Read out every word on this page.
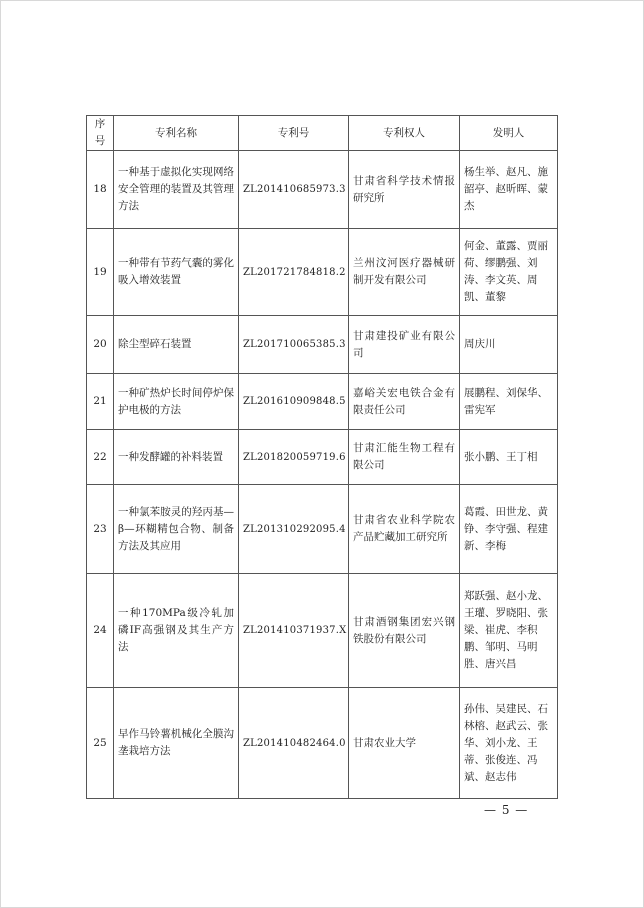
序号	专利名称	专利号	专利权人	发明人
18	一种基于虚拟化实现网络安全管理的装置及其管理方法	ZL201410685973.3	甘肃省科学技术情报研究所	杨生举、赵凡、施韶亭、赵昕晖、蒙杰
19	一种带有节药气囊的雾化吸入增效装置	ZL201721784818.2	兰州汶河医疗器械研制开发有限公司	何金、董露、贾丽荷、缪鹏强、刘涛、李文英、周凯、董黎
20	除尘型碎石装置	ZL201710065385.3	甘肃建投矿业有限公司	周庆川
21	一种矿热炉长时间停炉保护电极的方法	ZL201610909848.5	嘉峪关宏电铁合金有限责任公司	展鹏程、刘保华、雷宪军
22	一种发酵罐的补料装置	ZL201820059719.6	甘肃汇能生物工程有限公司	张小鹏、王丁相
23	一种氯苯胺灵的羟丙基—β—环糊精包合物、制备方法及其应用	ZL201310292095.4	甘肃省农业科学院农产品贮藏加工研究所	葛霞、田世龙、黄铮、李守强、程建新、李梅
24	一种170MPa级冷轧加磷IF高强钢及其生产方法	ZL201410371937.X	甘肃酒钢集团宏兴钢铁股份有限公司	郑跃强、赵小龙、王瓘、罗晓阳、张梁、崔虎、李积鹏、邹明、马明胜、唐兴昌
25	早作马铃薯机械化全膜沟垄栽培方法	ZL201410482464.0	甘肃农业大学	孙伟、吴建民、石林榕、赵武云、张华、刘小龙、王蒂、张俊连、冯斌、赵志伟
— 5 —
